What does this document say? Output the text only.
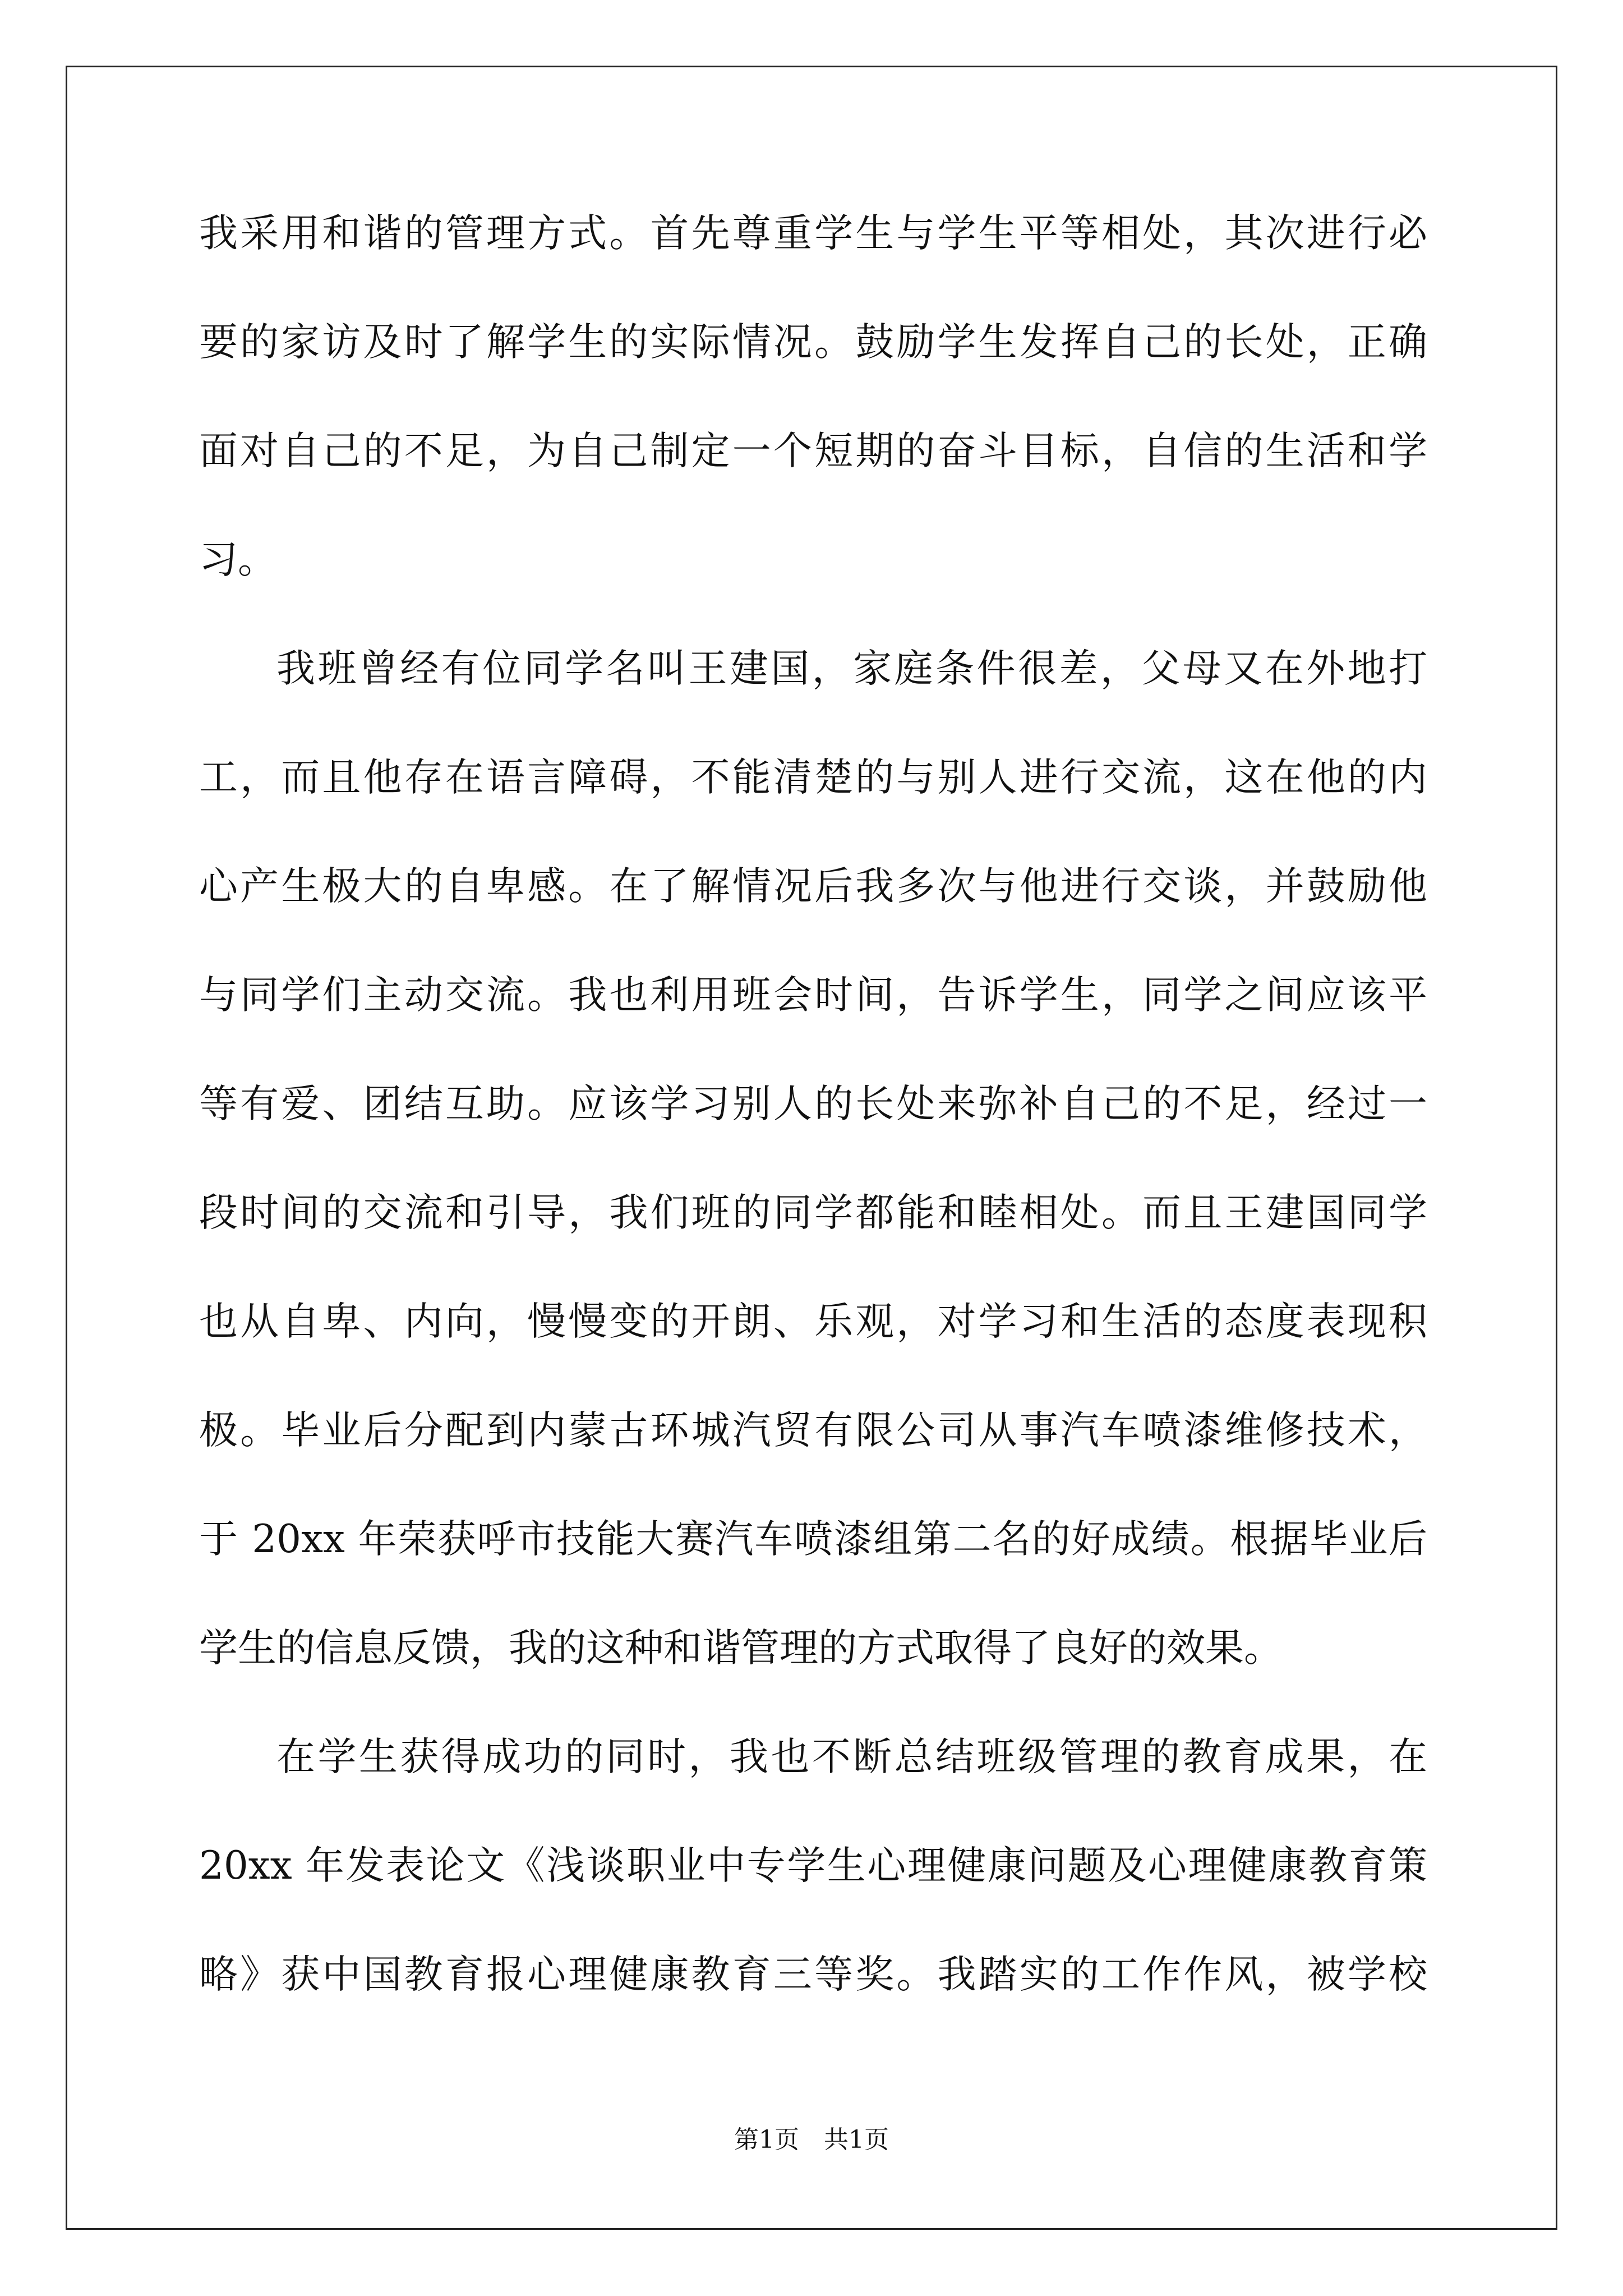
我采用和谐的管理方式。首先尊重学生与学生平等相处，其次进行必
要的家访及时了解学生的实际情况。鼓励学生发挥自己的长处，正确
面对自己的不足，为自己制定一个短期的奋斗目标，自信的生活和学
习。
我班曾经有位同学名叫王建国，家庭条件很差，父母又在外地打
工，而且他存在语言障碍，不能清楚的与别人进行交流，这在他的内
心产生极大的自卑感。在了解情况后我多次与他进行交谈，并鼓励他
与同学们主动交流。我也利用班会时间，告诉学生，同学之间应该平
等有爱、团结互助。应该学习别人的长处来弥补自己的不足，经过一
段时间的交流和引导，我们班的同学都能和睦相处。而且王建国同学
也从自卑、内向，慢慢变的开朗、乐观，对学习和生活的态度表现积
极。毕业后分配到内蒙古环城汽贸有限公司从事汽车喷漆维修技术，
于 20xx 年荣获呼市技能大赛汽车喷漆组第二名的好成绩。根据毕业后
学生的信息反馈，我的这种和谐管理的方式取得了良好的效果。
在学生获得成功的同时，我也不断总结班级管理的教育成果，在
20xx 年发表论文《浅谈职业中专学生心理健康问题及心理健康教育策
略》获中国教育报心理健康教育三等奖。我踏实的工作作风，被学校
第1页　共1页
